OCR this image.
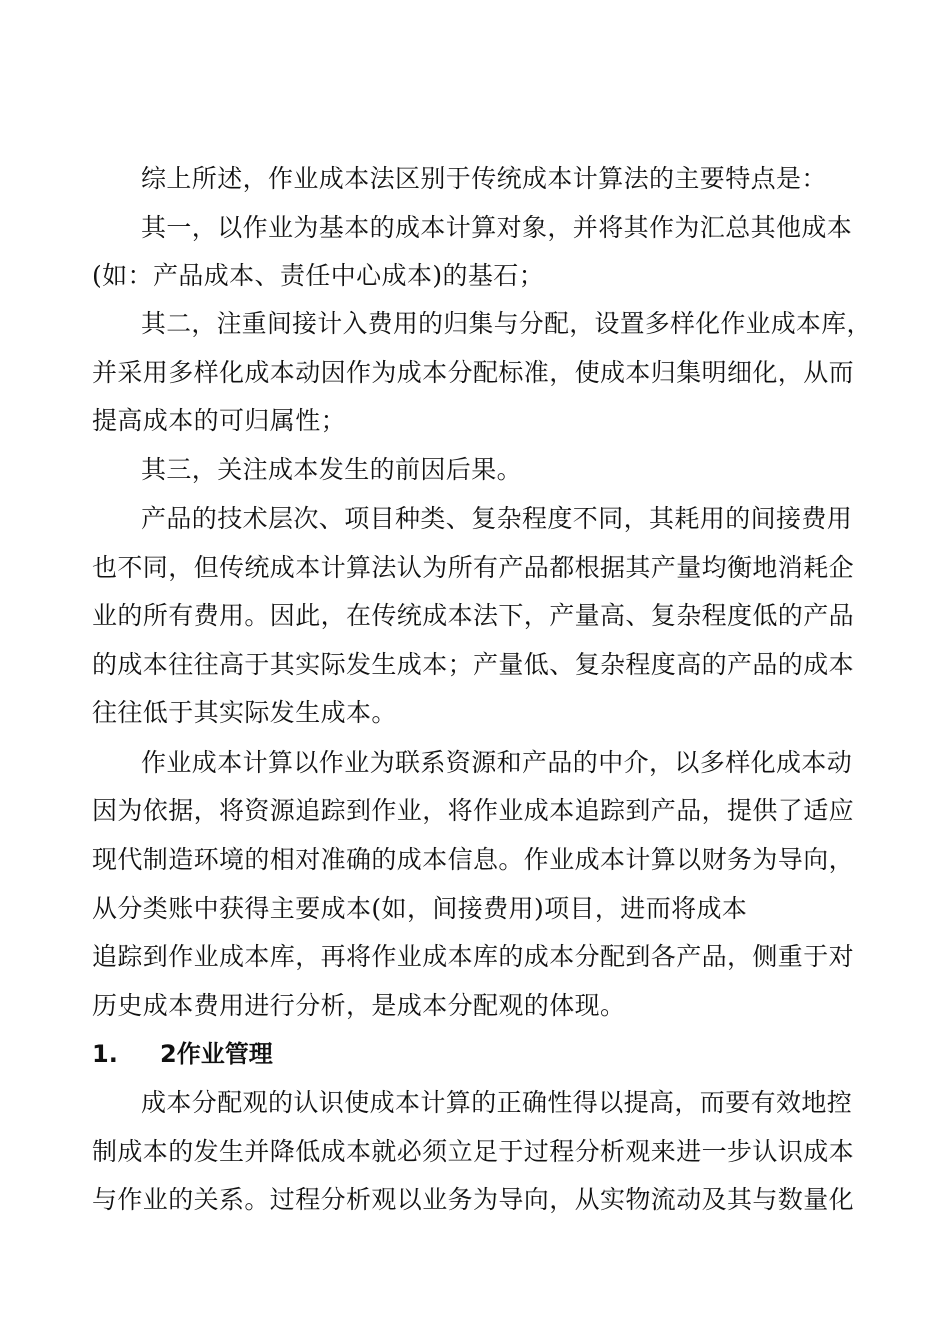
综上所述，作业成本法区别于传统成本计算法的主要特点是：
其一，以作业为基本的成本计算对象，并将其作为汇总其他成本
(如：产品成本、责任中心成本)的基石；
其二，注重间接计入费用的归集与分配，设置多样化作业成本库，
并采用多样化成本动因作为成本分配标准，使成本归集明细化，从而
提高成本的可归属性；
其三，关注成本发生的前因后果。
产品的技术层次、项目种类、复杂程度不同，其耗用的间接费用
也不同，但传统成本计算法认为所有产品都根据其产量均衡地消耗企
业的所有费用。因此，在传统成本法下，产量高、复杂程度低的产品
的成本往往高于其实际发生成本；产量低、复杂程度高的产品的成本
往往低于其实际发生成本。
作业成本计算以作业为联系资源和产品的中介，以多样化成本动
因为依据，将资源追踪到作业，将作业成本追踪到产品，提供了适应
现代制造环境的相对准确的成本信息。作业成本计算以财务为导向，
从分类账中获得主要成本(如，间接费用)项目，进而将成本
追踪到作业成本库，再将作业成本库的成本分配到各产品，侧重于对
历史成本费用进行分析，是成本分配观的体现。
1. 2作业管理
成本分配观的认识使成本计算的正确性得以提高，而要有效地控
制成本的发生并降低成本就必须立足于过程分析观来进一步认识成本
与作业的关系。过程分析观以业务为导向，从实物流动及其与数量化
